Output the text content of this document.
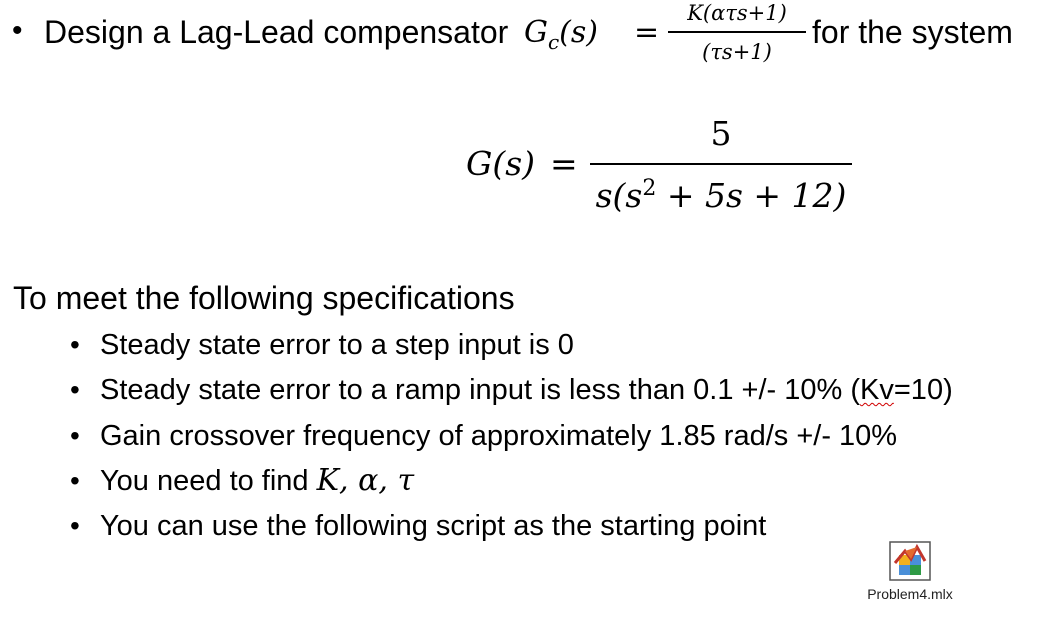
• Design a Lag-Lead compensator $G_c(s)$ =
K(ατs+1)
(τs+1)
for the system
G(s) =
5
$s(s^2 + 5s + 12)$
To meet the following specifications
• Steady state error to a step input is 0
• Steady state error to a ramp input is less than 0.1 +/- 10% (Kv=10)
• Gain crossover frequency of approximately 1.85 rad/s +/- 10%
• You need to find K, α, τ
• You can use the following script as the starting point
Problem4.mlx
